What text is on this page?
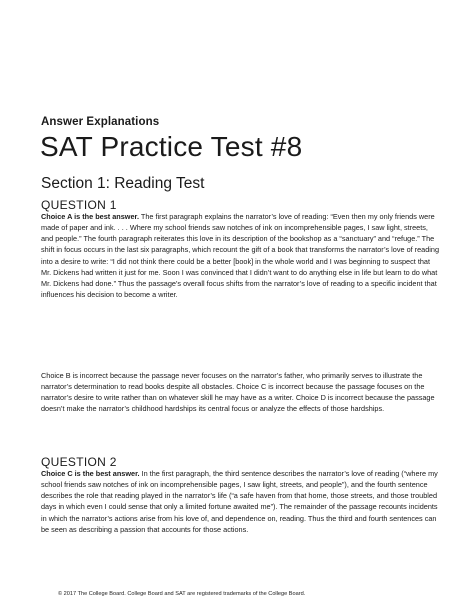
Answer Explanations
SAT Practice Test #8
Section 1: Reading Test
QUESTION 1

Choice A is the best answer. The first paragraph explains the narrator’s love of reading: “Even then my only friends were made of paper and ink. . . . Where my school friends saw notches of ink on incomprehensible pages, I saw light, streets, and people.” The fourth paragraph reiterates this love in its description of the bookshop as a “sanctuary” and “refuge.” The shift in focus occurs in the last six paragraphs, which recount the gift of a book that transforms the narrator’s love of reading into a desire to write: “I did not think there could be a better [book] in the whole world and I was beginning to suspect that Mr. Dickens had written it just for me. Soon I was convinced that I didn’t want to do anything else in life but learn to do what Mr. Dickens had done.” Thus the passage’s overall focus shifts from the narrator’s love of reading to a specific incident that influences his decision to become a writer.

Choice B is incorrect because the passage never focuses on the narrator’s father, who primarily serves to illustrate the narrator’s determination to read books despite all obstacles. Choice C is incorrect because the passage focuses on the narrator’s desire to write rather than on whatever skill he may have as a writer. Choice D is incorrect because the passage doesn’t make the narrator’s childhood hardships its central focus or analyze the effects of those hardships.

QUESTION 2

Choice C is the best answer. In the first paragraph, the third sentence describes the narrator’s love of reading (“where my school friends saw notches of ink on incomprehensible pages, I saw light, streets, and people”), and the fourth sentence describes the role that reading played in the narrator’s life (“a safe haven from that home, those streets, and those troubled days in which even I could sense that only a limited fortune awaited me”). The remainder of the passage recounts incidents in which the narrator’s actions arise from his love of, and dependence on, reading. Thus the third and fourth sentences can be seen as describing a passion that accounts for those actions.

© 2017 The College Board. College Board and SAT are registered trademarks of the College Board.
